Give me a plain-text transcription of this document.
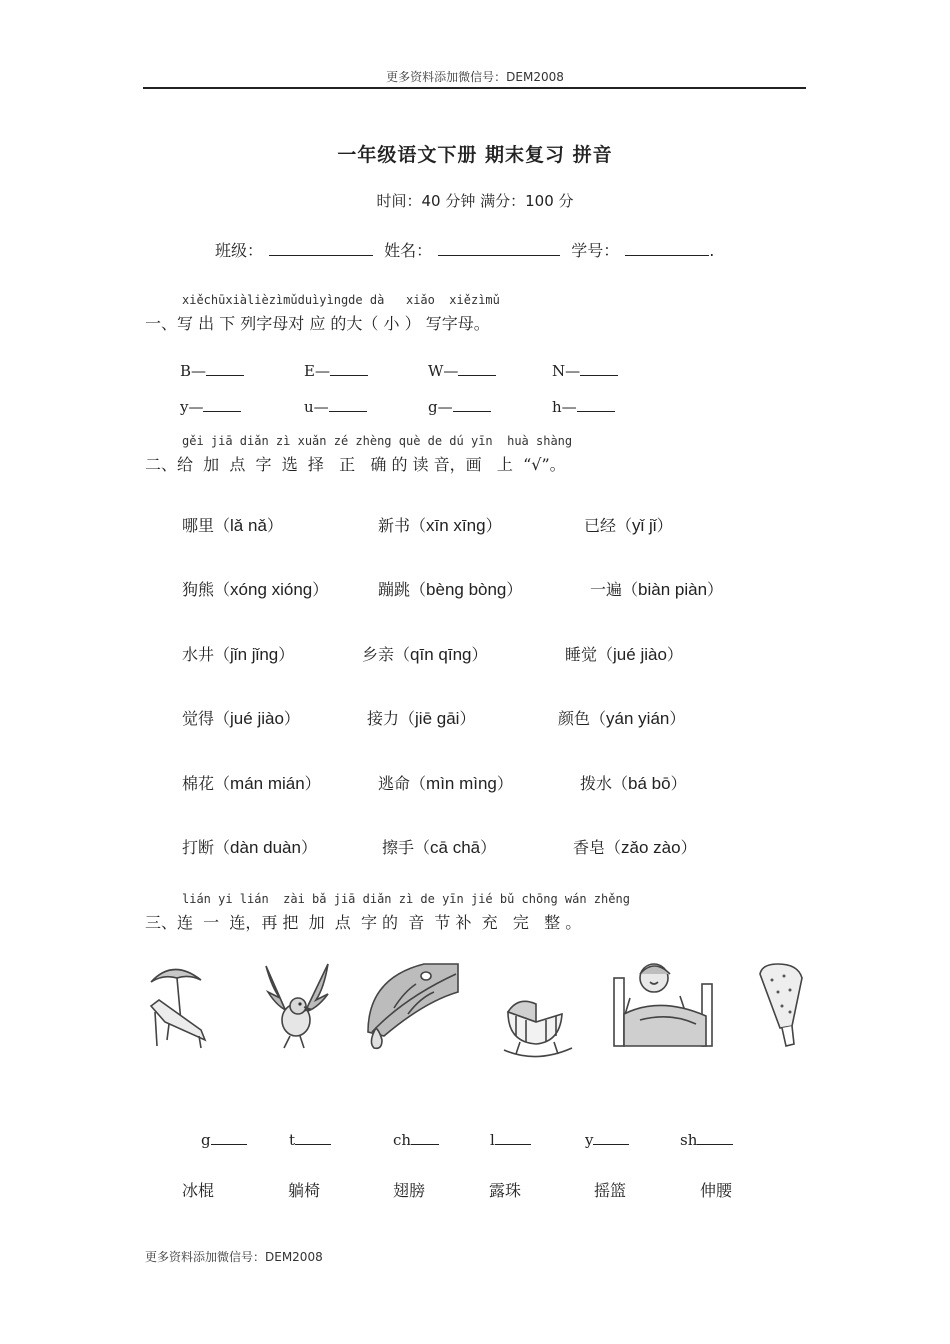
更多资料添加微信号：DEM2008
一年级语文下册 期末复习 拼音
时间：40 分钟 满分：100 分
班级：	姓名：	学号：	.
xiěchūxiàlièzìmǔduìyìngde dà   xiǎo  xiězìmǔ
一、写 出 下 列字母对 应 的大（ 小 ） 写字母。
B—	E—	W—	N—
y—	u—	g—	h—
gěi jiā diǎn zì xuǎn zé zhèng què de dú yīn  huà shàng
二、给  加  点  字  选  择   正   确 的 读 音，画   上  “√”。
哪里（lǎ nǎ）	新书（xīn xīng）	已经（yǐ jǐ）
狗熊（xóng xióng）	蹦跳（bèng bòng）	一遍（biàn piàn）
水井（jǐn jǐng）	乡亲（qīn qīng）	睡觉（jué jiào）
觉得（jué jiào）	接力（jiē gāi）	颜色（yán yián）
棉花（mán mián）	逃命（mìn mìng）	拨水（bá bō）
打断（dàn duàn）	擦手（cā chā）	香皂（zǎo zào）
lián yi lián  zài bǎ jiā diǎn zì de yīn jié bǔ chōng wán zhěng
三、连  一  连，再 把  加  点  字 的  音  节 补  充   完   整 。
g	t	ch	l	y	sh
冰棍	躺椅	翅膀	露珠	摇篮	伸腰
更多资料添加微信号：DEM2008
